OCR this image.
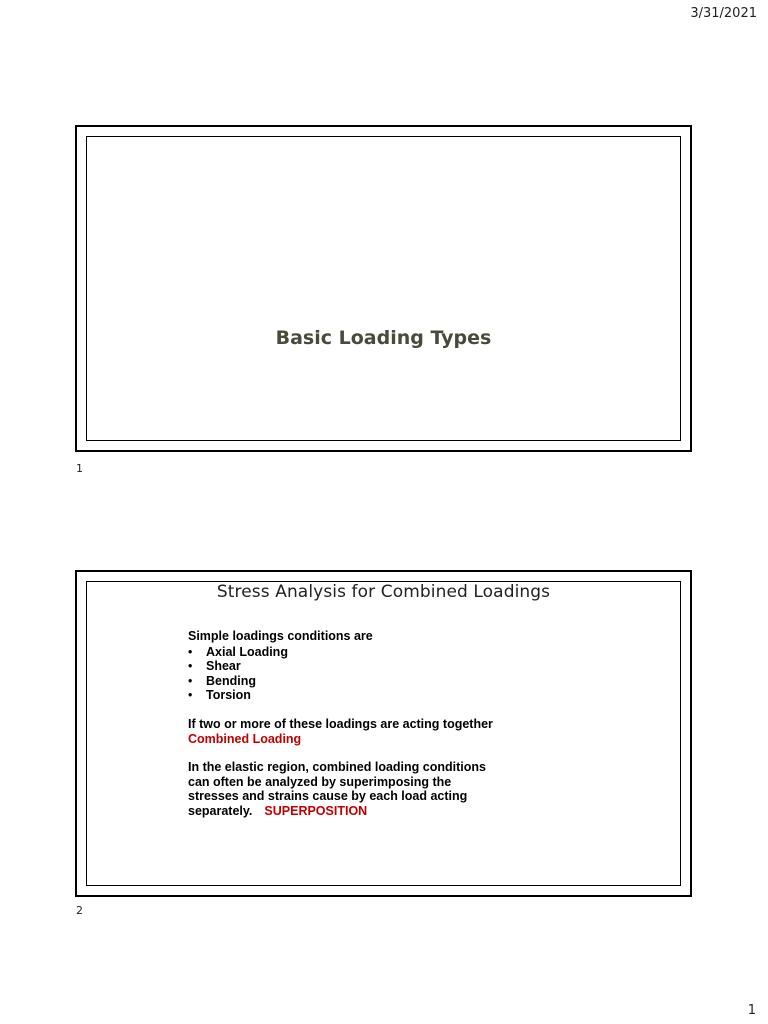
3/31/2021
Basic Loading Types
1
Stress Analysis for Combined Loadings

Simple loadings conditions are

•	Axial Loading
•	Shear
•	Bending
•	Torsion

If two or more of these loadings are acting together

Combined Loading

In the elastic region, combined loading conditions

can often be analyzed by superimposing the

stresses and strains cause by each load acting

separately. SUPERPOSITION

2
1
